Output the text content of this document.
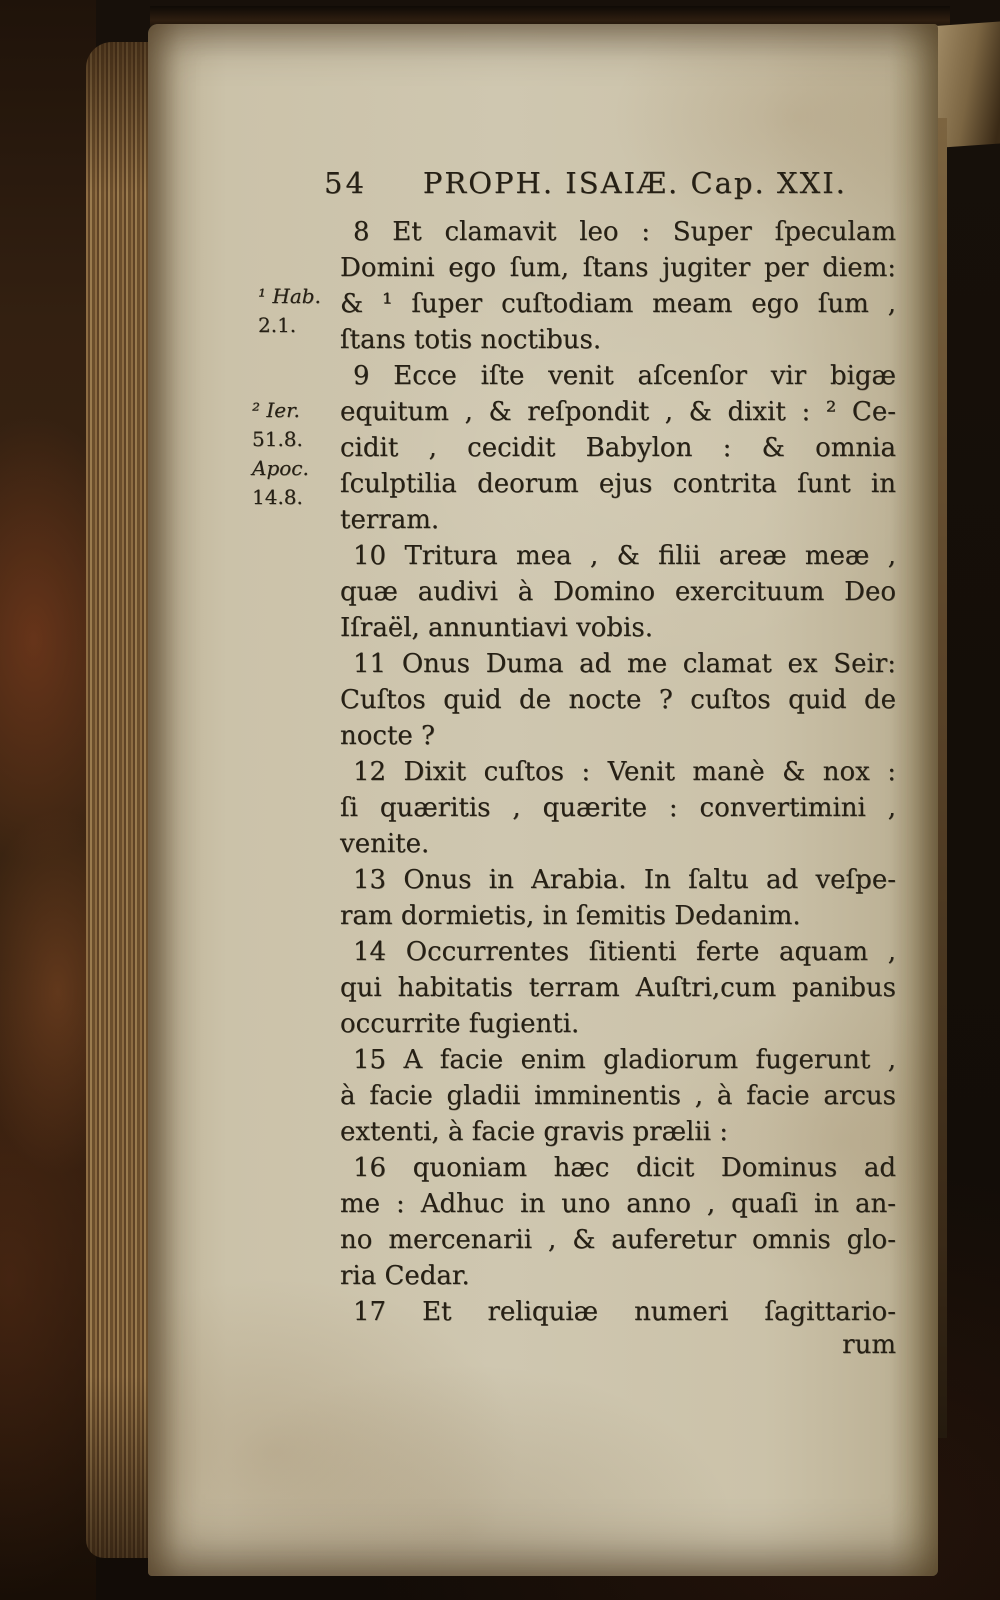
54 PROPH. ISAIÆ. Cap. XXI.
¹ Hab.
2.1.
² Ier.
51.8.
Apoc.
14.8.
8 Et clamavit leo : Super ſpeculam
Domini ego ſum, ſtans jugiter per diem:
& ¹ ſuper cuſtodiam meam ego ſum ,
ſtans totis noctibus.
9 Ecce iſte venit aſcenſor vir bigæ
equitum , & reſpondit , & dixit : ² Ce-
cidit , cecidit Babylon : & omnia
ſculptilia deorum ejus contrita ſunt in
terram.
10 Tritura mea , & filii areæ meæ ,
quæ audivi à Domino exercituum Deo
Iſraël, annuntiavi vobis.
11 Onus Duma ad me clamat ex Seir:
Cuſtos quid de nocte ? cuſtos quid de
nocte ?
12 Dixit cuſtos : Venit manè & nox :
ſi quæritis , quærite : convertimini ,
venite.
13 Onus in Arabia. In ſaltu ad veſpe-
ram dormietis, in ſemitis Dedanim.
14 Occurrentes ſitienti ferte aquam ,
qui habitatis terram Auſtri,cum panibus
occurrite fugienti.
15 A facie enim gladiorum fugerunt ,
à facie gladii imminentis , à facie arcus
extenti, à facie gravis prælii :
16 quoniam hæc dicit Dominus ad
me : Adhuc in uno anno , quaſi in an-
no mercenarii , & auferetur omnis glo-
ria Cedar.
17 Et reliquiæ numeri ſagittario-
rum
